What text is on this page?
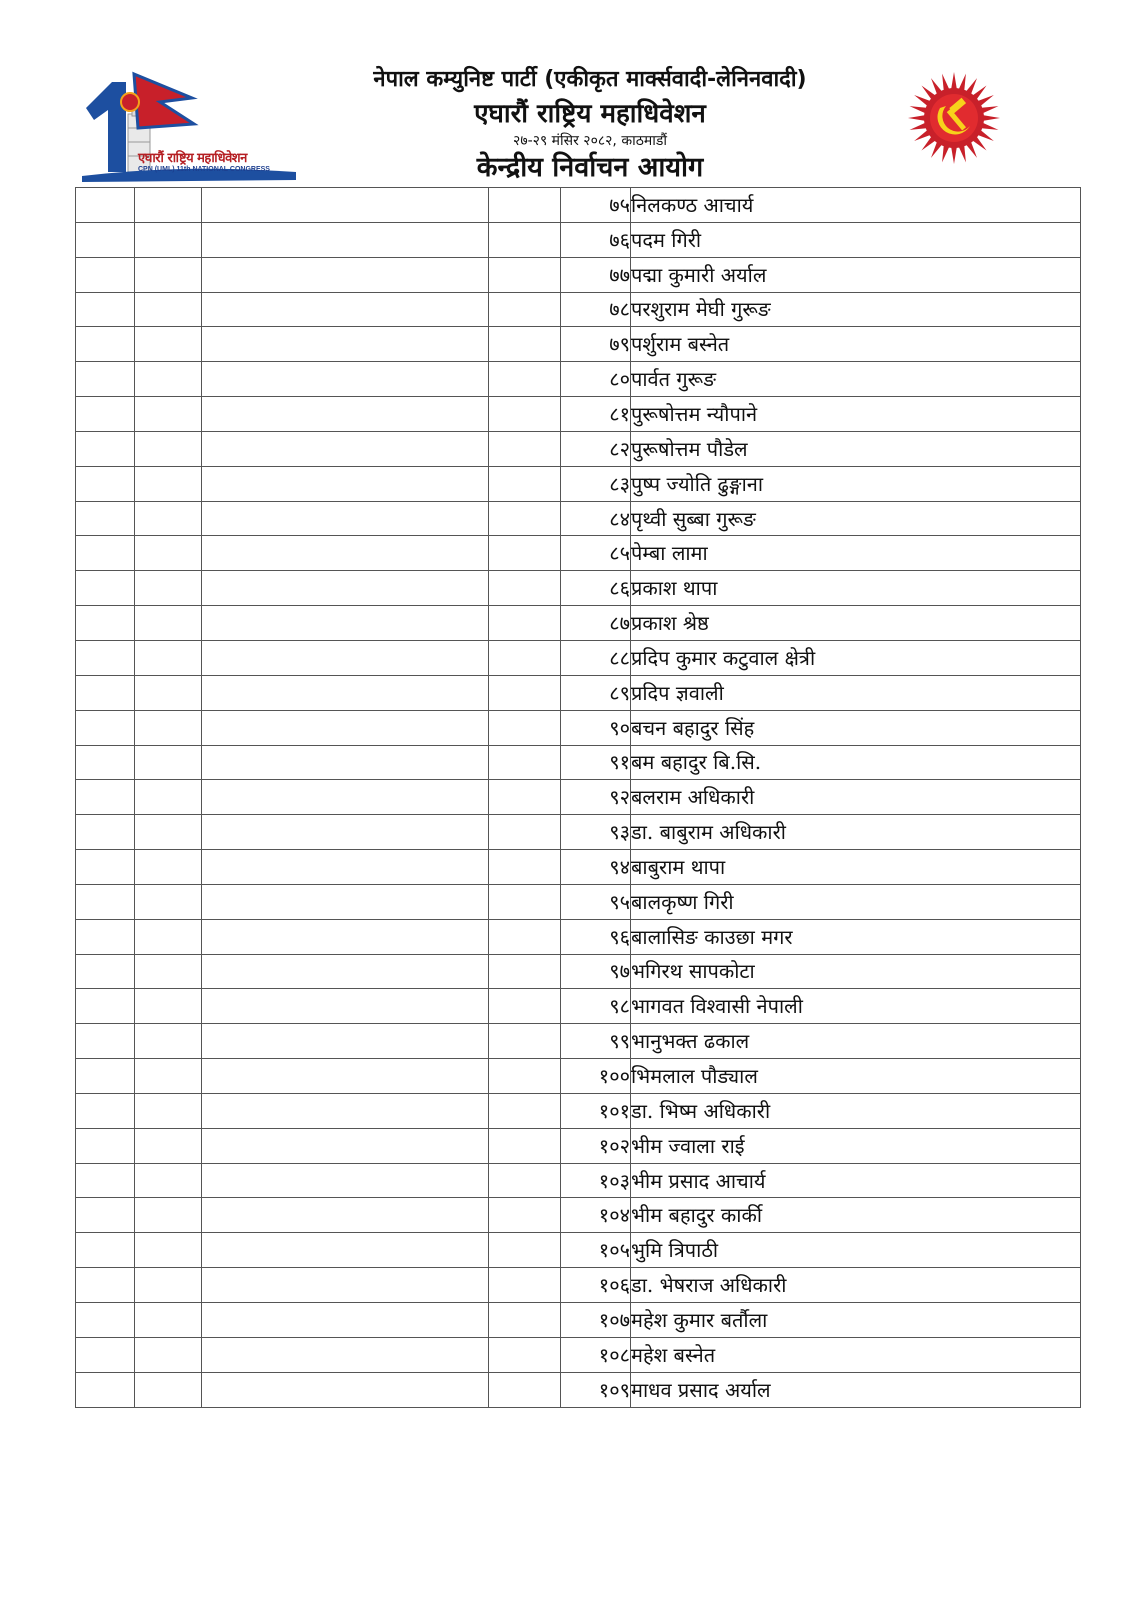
एघारौं राष्ट्रिय महाधिवेशन
CPN (UML) 11th NATIONAL CONGRESS
नेपाल कम्युनिष्ट पार्टी (एकीकृत मार्क्सवादी-लेनिनवादी)
एघारौं राष्ट्रिय महाधिवेशन
२७-२९ मंसिर २०८२, काठमाडौं
केन्द्रीय निर्वाचन आयोग
				७५	निलकण्ठ आचार्य
				७६	पदम गिरी
				७७	पद्मा कुमारी अर्याल
				७८	परशुराम मेघी गुरूङ
				७९	पर्शुराम बस्नेत
				८०	पार्वत गुरूङ
				८१	पुरूषोत्तम न्यौपाने
				८२	पुरूषोत्तम पौडेल
				८३	पुष्प ज्योति ढुङ्गाना
				८४	पृथ्वी सुब्बा गुरूङ
				८५	पेम्बा लामा
				८६	प्रकाश थापा
				८७	प्रकाश श्रेष्ठ
				८८	प्रदिप कुमार कटुवाल क्षेत्री
				८९	प्रदिप ज्ञवाली
				९०	बचन बहादुर सिंह
				९१	बम बहादुर बि.सि.
				९२	बलराम अधिकारी
				९३	डा. बाबुराम अधिकारी
				९४	बाबुराम थापा
				९५	बालकृष्ण गिरी
				९६	बालासिङ काउछा मगर
				९७	भगिरथ सापकोटा
				९८	भागवत विश्वासी नेपाली
				९९	भानुभक्त ढकाल
				१००	भिमलाल पौड्याल
				१०१	डा. भिष्म अधिकारी
				१०२	भीम ज्वाला राई
				१०३	भीम प्रसाद आचार्य
				१०४	भीम बहादुर कार्की
				१०५	भुमि त्रिपाठी
				१०६	डा. भेषराज अधिकारी
				१०७	महेश कुमार बर्तौला
				१०८	महेश बस्नेत
				१०९	माधव प्रसाद अर्याल
